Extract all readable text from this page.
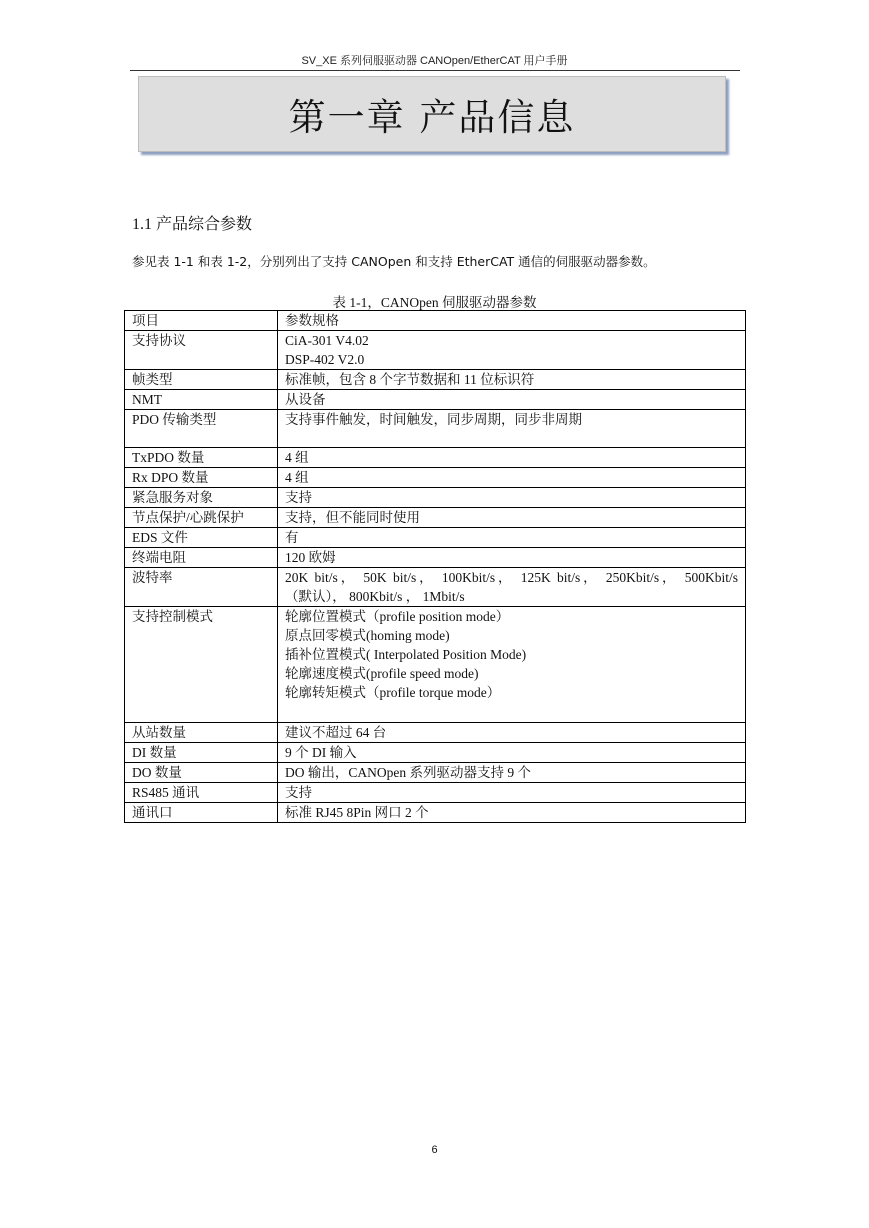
SV_XE 系列伺服驱动器 CANOpen/EtherCAT 用户手册
第一章 产品信息
1.1 产品综合参数
参见表 1-1 和表 1-2，分别列出了支持 CANOpen 和支持 EtherCAT 通信的伺服驱动器参数。
表 1-1，CANOpen 伺服驱动器参数
项目	参数规格

支持协议	CiA-301 V4.02
DSP-402 V2.0

帧类型	标准帧，包含 8 个字节数据和 11 位标识符

NMT	从设备

PDO 传输类型	支持事件触发，时间触发，同步周期，同步非周期

TxPDO 数量	4 组

Rx DPO 数量	4 组

紧急服务对象	支持

节点保护/心跳保护	支持，但不能同时使用

EDS 文件	有

终端电阻	120 欧姆

波特率	20K bit/s， 50K bit/s， 100Kbit/s， 125K bit/s， 250Kbit/s， 500Kbit/s
（默认）， 800Kbit/s ， 1Mbit/s

支持控制模式	轮廓位置模式（profile position mode）
原点回零模式(homing mode)
插补位置模式( Interpolated Position Mode)
轮廓速度模式(profile speed mode)
轮廓转矩模式（profile torque mode）

从站数量	建议不超过 64 台

DI 数量	9 个 DI 输入

DO 数量	DO 输出，CANOpen 系列驱动器支持 9 个

RS485 通讯	支持

通讯口	标准 RJ45 8Pin 网口 2 个
6
